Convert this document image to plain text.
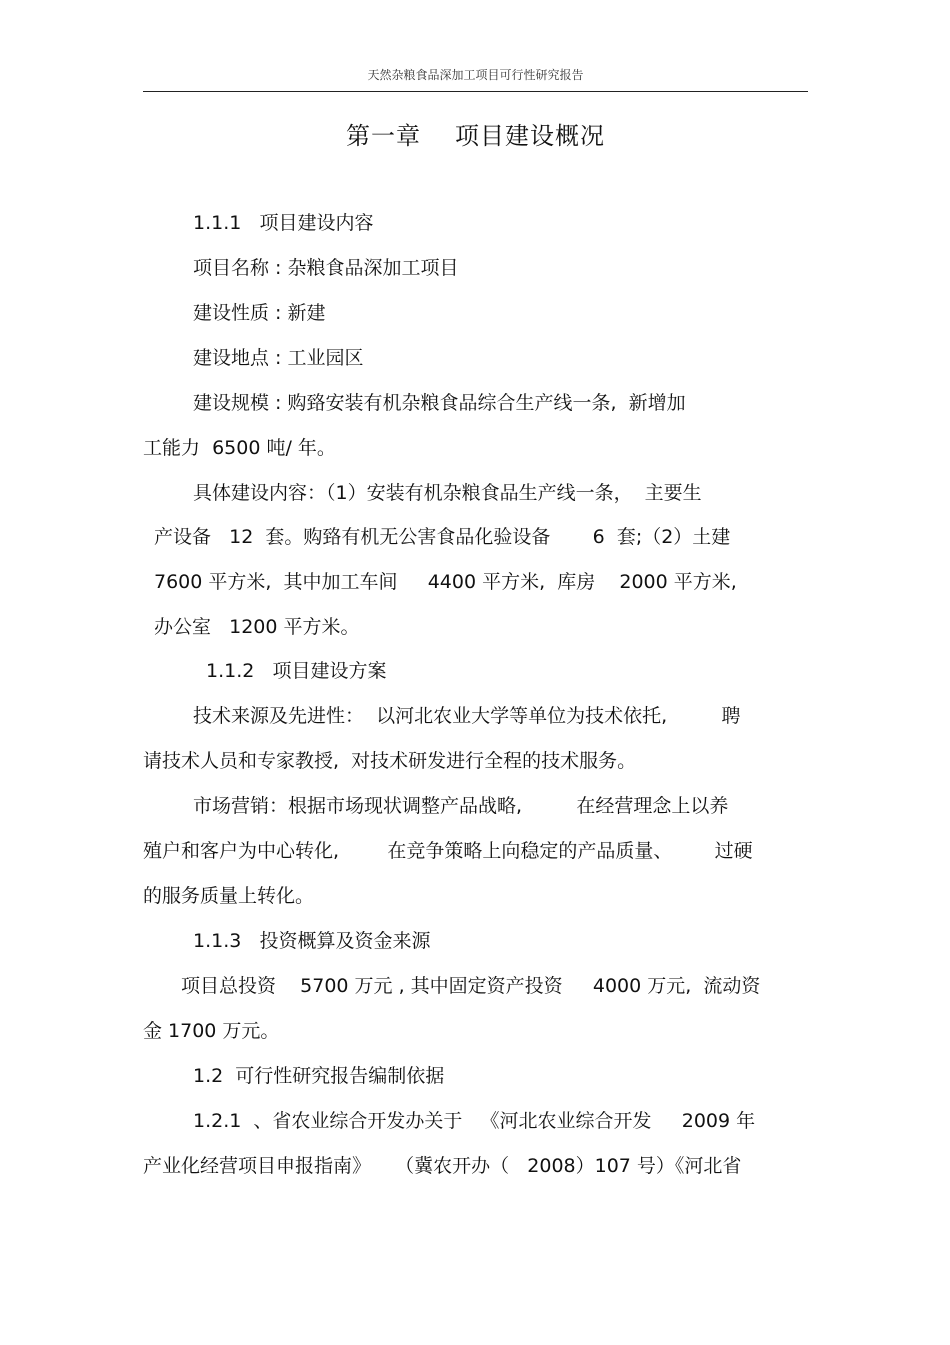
天然杂粮食品深加工项目可行性研究报告
第一章 项目建设概况
1.1.1   项目建设内容
项目名称 : 杂粮食品深加工项目
建设性质 : 新建
建设地点 : 工业园区
建设规模 : 购臵安装有机杂粮食品综合生产线一条,  新增加
工能力  6500 吨/ 年。
具体建设内容：（1）安装有机杂粮食品生产线一条，  主要生
产设备   12  套。购臵有机无公害食品化验设备       6  套;（2）土建
7600 平方米,  其中加工车间     4400 平方米,  库房    2000 平方米,
办公室   1200 平方米。
1.1.2   项目建设方案
技术来源及先进性：  以河北农业大学等单位为技术依托,         聘
请技术人员和专家教授,  对技术研发进行全程的技术服务。
市场营销：根据市场现状调整产品战略,         在经营理念上以养
殖户和客户为中心转化,        在竞争策略上向稳定的产品质量、       过硬
的服务质量上转化。
1.1.3   投资概算及资金来源
项目总投资    5700 万元 , 其中固定资产投资     4000 万元,  流动资
金 1700 万元。
1.2  可行性研究报告编制依据
1.2.1  、省农业综合开发办关于   《河北农业综合开发     2009 年
产业化经营项目申报指南》    （冀农开办（   2008）107 号）《河北省
